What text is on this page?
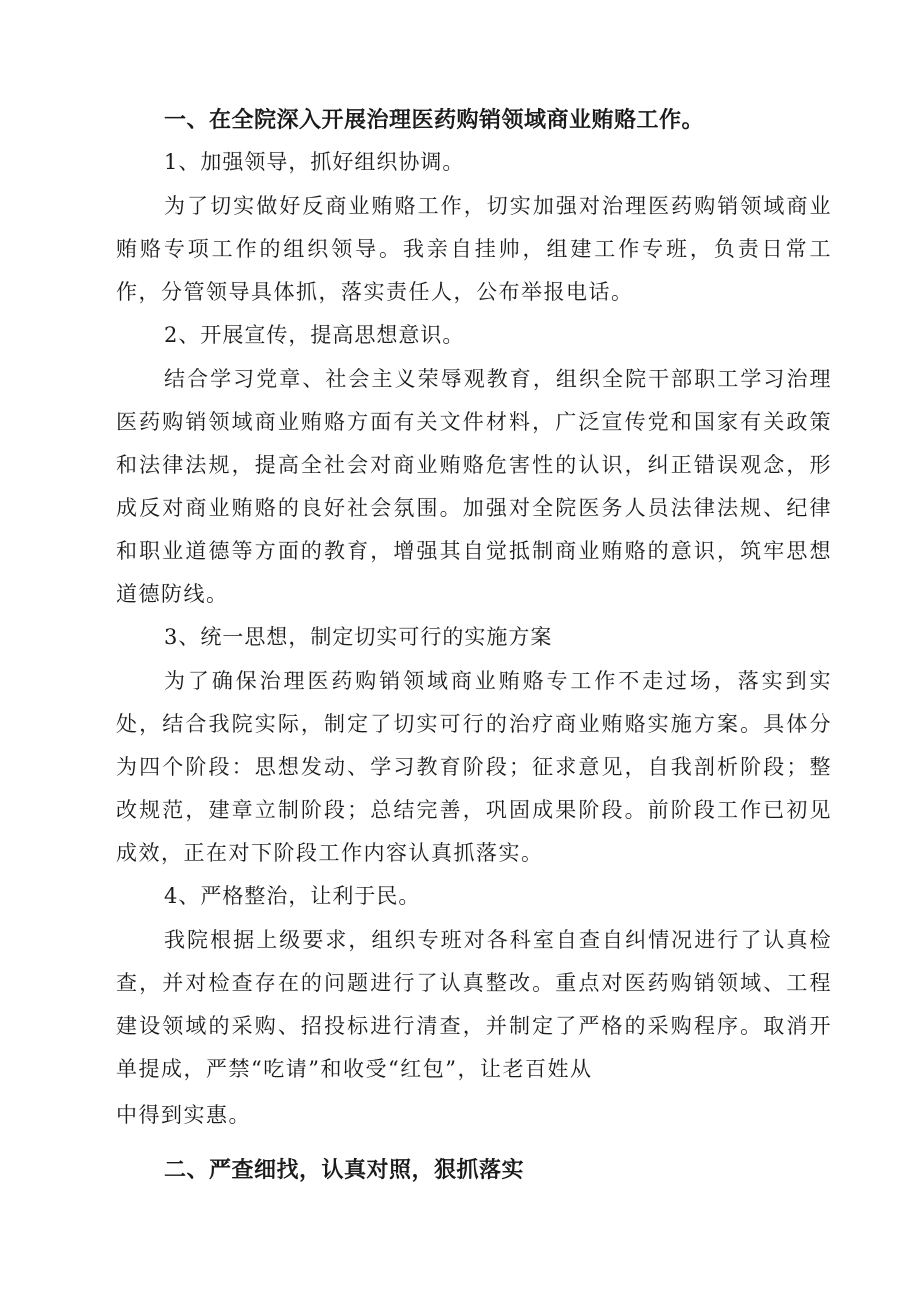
一、在全院深入开展治理医药购销领域商业贿赂工作。
1、加强领导，抓好组织协调。
为了切实做好反商业贿赂工作，切实加强对治理医药购销领域商业贿赂专项工作的组织领导。我亲自挂帅，组建工作专班，负责日常工作，分管领导具体抓，落实责任人，公布举报电话。
2、开展宣传，提高思想意识。
结合学习党章、社会主义荣辱观教育，组织全院干部职工学习治理医药购销领域商业贿赂方面有关文件材料，广泛宣传党和国家有关政策和法律法规，提高全社会对商业贿赂危害性的认识，纠正错误观念，形成反对商业贿赂的良好社会氛围。加强对全院医务人员法律法规、纪律和职业道德等方面的教育，增强其自觉抵制商业贿赂的意识，筑牢思想道德防线。
3、统一思想，制定切实可行的实施方案
为了确保治理医药购销领域商业贿赂专工作不走过场，落实到实处，结合我院实际，制定了切实可行的治疗商业贿赂实施方案。具体分为四个阶段：思想发动、学习教育阶段；征求意见，自我剖析阶段；整改规范，建章立制阶段；总结完善，巩固成果阶段。前阶段工作已初见成效，正在对下阶段工作内容认真抓落实。
4、严格整治，让利于民。
我院根据上级要求，组织专班对各科室自查自纠情况进行了认真检查，并对检查存在的问题进行了认真整改。重点对医药购销领域、工程建设领域的采购、招投标进行清查，并制定了严格的采购程序。取消开单提成，严禁“吃请”和收受“红包”，让老百姓从
中得到实惠。
二、严查细找，认真对照，狠抓落实
